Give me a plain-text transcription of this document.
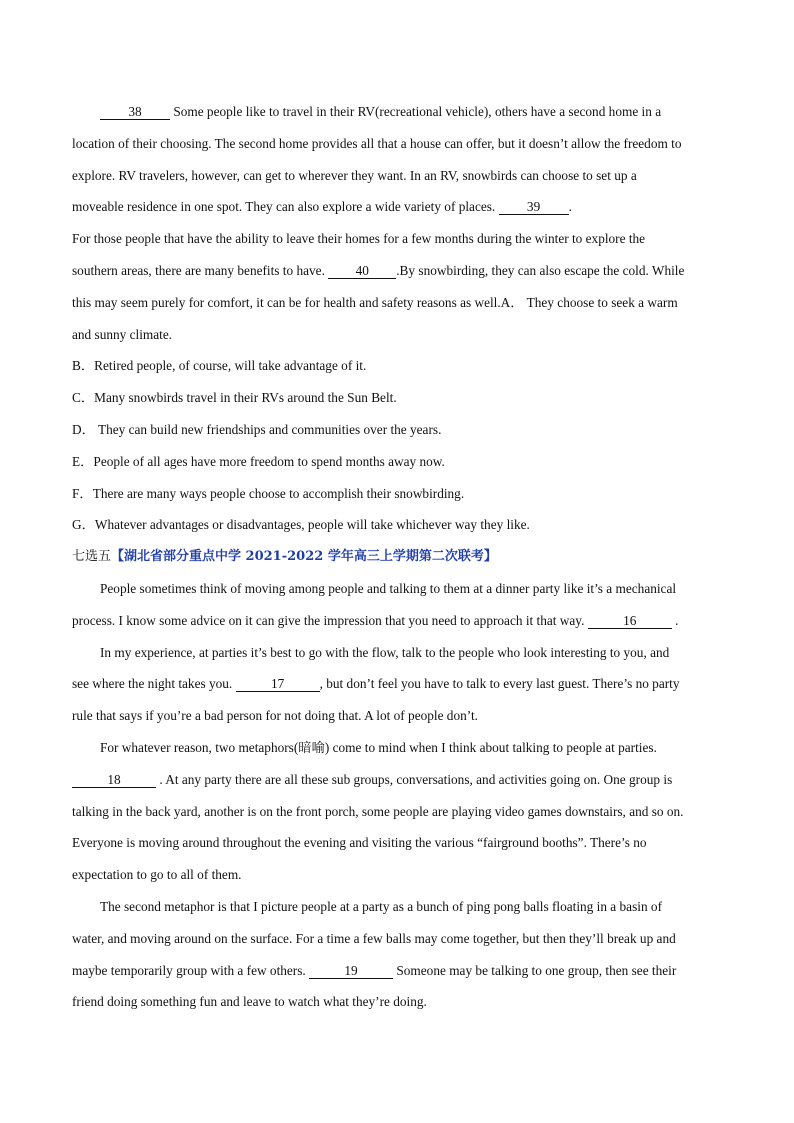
38 Some people like to travel in their RV(recreational vehicle), others have a second home in a
location of their choosing. The second home provides all that a house can offer, but it doesn’t allow the freedom to
explore. RV travelers, however, can get to wherever they want. In an RV, snowbirds can choose to set up a
moveable residence in one spot. They can also explore a wide variety of places. 39 .
For those people that have the ability to leave their homes for a few months during the winter to explore the
southern areas, there are many benefits to have. 40 .By snowbirding, they can also escape the cold. While
this may seem purely for comfort, it can be for health and safety reasons as well.A． They choose to seek a warm
and sunny climate.
B．Retired people, of course, will take advantage of it.
C．Many snowbirds travel in their RVs around the Sun Belt.
D． They can build new friendships and communities over the years.
E．People of all ages have more freedom to spend months away now.
F．There are many ways people choose to accomplish their snowbirding.
G．Whatever advantages or disadvantages, people will take whichever way they like.
七选五【湖北省部分重点中学 2021-2022 学年高三上学期第二次联考】
People sometimes think of moving among people and talking to them at a dinner party like it’s a mechanical
process. I know some advice on it can give the impression that you need to approach it that way.	16	.
In my experience, at parties it’s best to go with the flow, talk to the people who look interesting to you, and
see where the night takes you.	17	, but don’t feel you have to talk to every last guest. There’s no party
rule that says if you’re a bad person for not doing that. A lot of people don’t.
For whatever reason, two metaphors(暗喻) come to mind when I think about talking to people at parties.
18	. At any party there are all these sub groups, conversations, and activities going on. One group is
talking in the back yard, another is on the front porch, some people are playing video games downstairs, and so on.
Everyone is moving around throughout the evening and visiting the various “fairground booths”. There’s no
expectation to go to all of them.
The second metaphor is that I picture people at a party as a bunch of ping pong balls floating in a basin of
water, and moving around on the surface. For a time a few balls may come together, but then they’ll break up and
maybe temporarily group with a few others.	19	Someone may be talking to one group, then see their
friend doing something fun and leave to watch what they’re doing.
